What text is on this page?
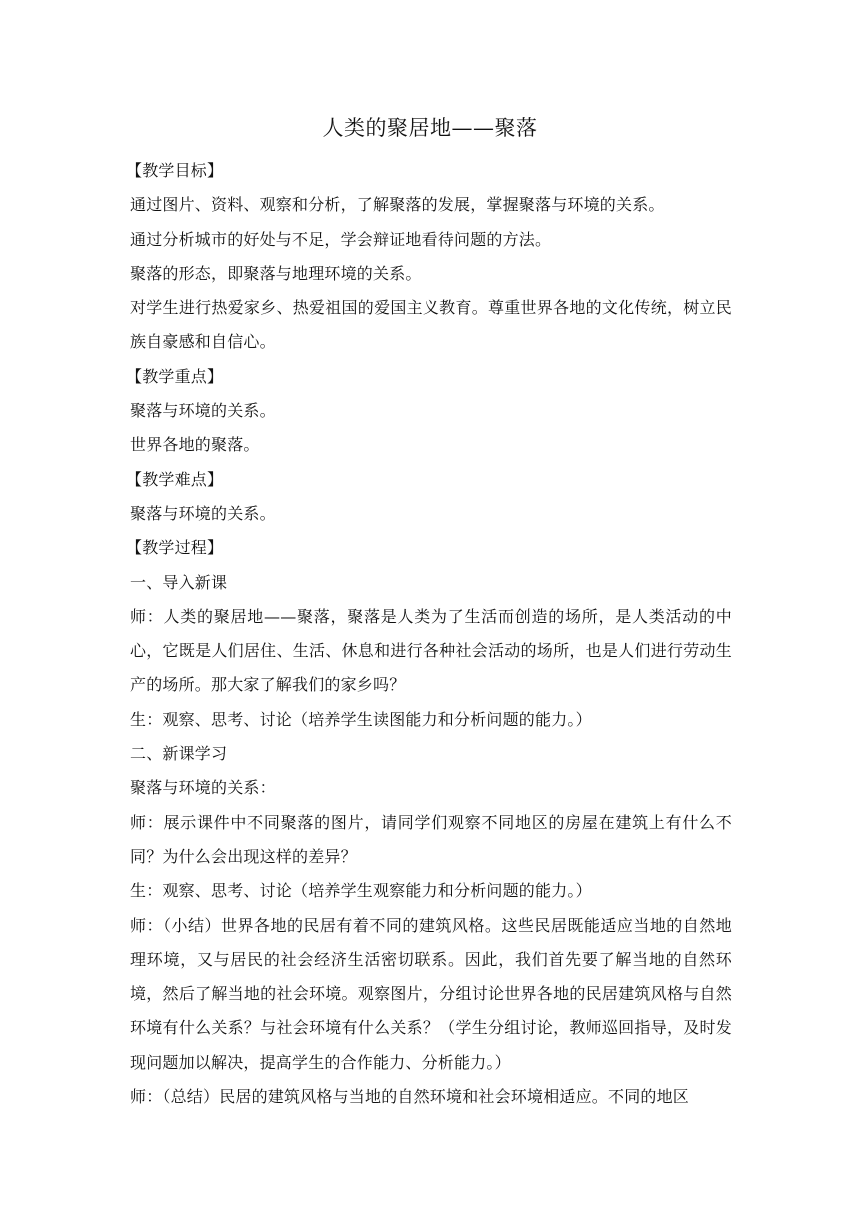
人类的聚居地——聚落
【教学目标】
通过图片、资料、观察和分析，了解聚落的发展，掌握聚落与环境的关系。
通过分析城市的好处与不足，学会辩证地看待问题的方法。
聚落的形态，即聚落与地理环境的关系。
对学生进行热爱家乡、热爱祖国的爱国主义教育。尊重世界各地的文化传统，树立民族自豪感和自信心。
【教学重点】
聚落与环境的关系。
世界各地的聚落。
【教学难点】
聚落与环境的关系。
【教学过程】
一、导入新课
师：人类的聚居地——聚落，聚落是人类为了生活而创造的场所，是人类活动的中心，它既是人们居住、生活、休息和进行各种社会活动的场所，也是人们进行劳动生产的场所。那大家了解我们的家乡吗？
生：观察、思考、讨论（培养学生读图能力和分析问题的能力。）
二、新课学习
聚落与环境的关系：
师：展示课件中不同聚落的图片，请同学们观察不同地区的房屋在建筑上有什么不同？为什么会出现这样的差异？
生：观察、思考、讨论（培养学生观察能力和分析问题的能力。）
师：（小结）世界各地的民居有着不同的建筑风格。这些民居既能适应当地的自然地理环境，又与居民的社会经济生活密切联系。因此，我们首先要了解当地的自然环境，然后了解当地的社会环境。观察图片，分组讨论世界各地的民居建筑风格与自然环境有什么关系？与社会环境有什么关系？（学生分组讨论，教师巡回指导，及时发现问题加以解决，提高学生的合作能力、分析能力。）
师：（总结）民居的建筑风格与当地的自然环境和社会环境相适应。不同的地区
